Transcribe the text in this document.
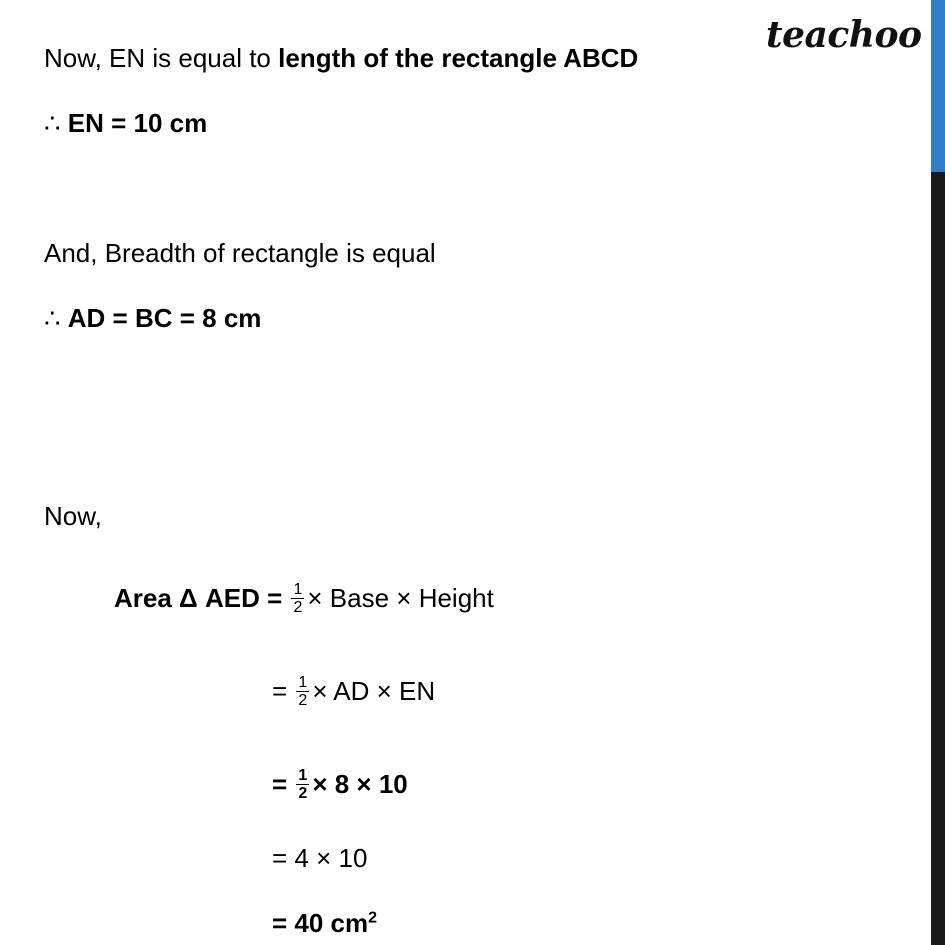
teachoo
Now, EN is equal to length of the rectangle ABCD
∴ EN = 10 cm
And, Breadth of rectangle is equal
∴ AD = BC = 8 cm
Now,
Area Δ AED = $\frac{1}{2}$ × Base × Height
= $\frac{1}{2}$ × AD × EN
= $\frac{1}{2} \times 8 \times 10$
= 4 × 10
= 40 $cm^2$
